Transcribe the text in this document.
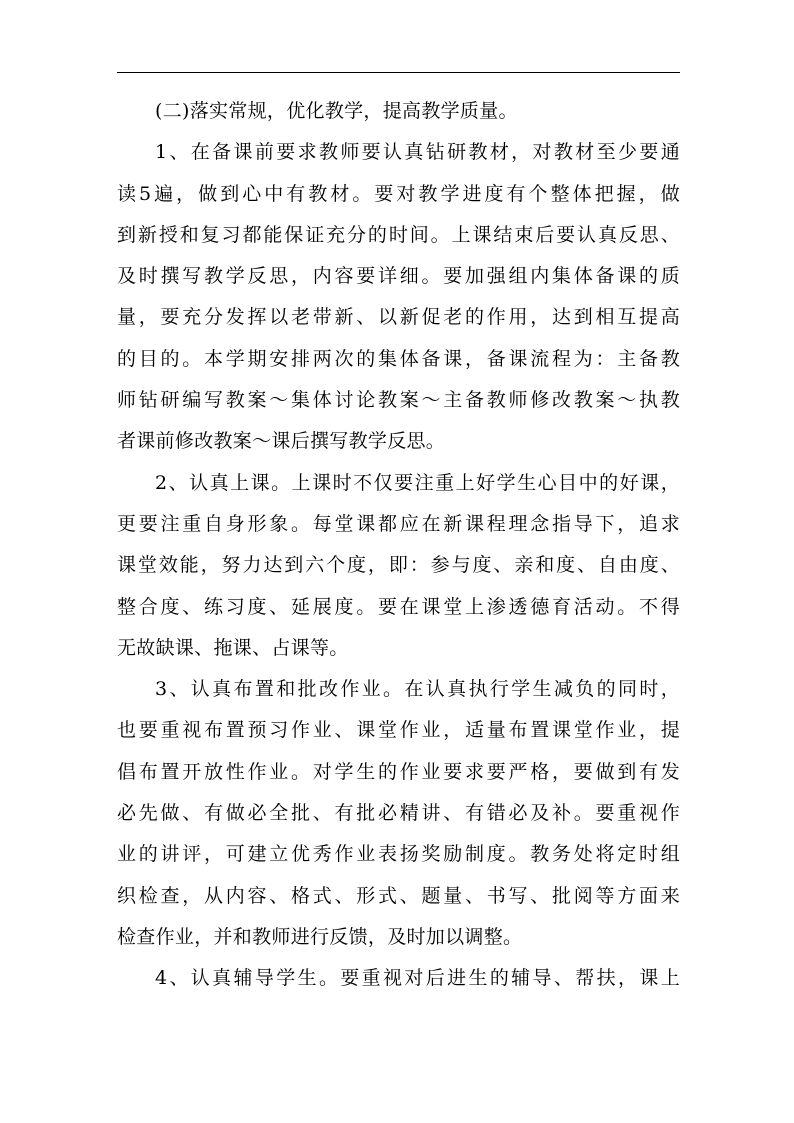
(二)落实常规，优化教学，提高教学质量。
1、在备课前要求教师要认真钻研教材，对教材至少要通
读5遍，做到心中有教材。要对教学进度有个整体把握，做
到新授和复习都能保证充分的时间。上课结束后要认真反思、
及时撰写教学反思，内容要详细。要加强组内集体备课的质
量，要充分发挥以老带新、以新促老的作用，达到相互提高
的目的。本学期安排两次的集体备课，备课流程为：主备教
师钻研编写教案～集体讨论教案～主备教师修改教案～执教
者课前修改教案～课后撰写教学反思。
2、认真上课。上课时不仅要注重上好学生心目中的好课，
更要注重自身形象。每堂课都应在新课程理念指导下，追求
课堂效能，努力达到六个度，即：参与度、亲和度、自由度、
整合度、练习度、延展度。要在课堂上渗透德育活动。不得
无故缺课、拖课、占课等。
3、认真布置和批改作业。在认真执行学生减负的同时，
也要重视布置预习作业、课堂作业，适量布置课堂作业，提
倡布置开放性作业。对学生的作业要求要严格，要做到有发
必先做、有做必全批、有批必精讲、有错必及补。要重视作
业的讲评，可建立优秀作业表扬奖励制度。教务处将定时组
织检查，从内容、格式、形式、题量、书写、批阅等方面来
检查作业，并和教师进行反馈，及时加以调整。
4、认真辅导学生。要重视对后进生的辅导、帮扶，课上
